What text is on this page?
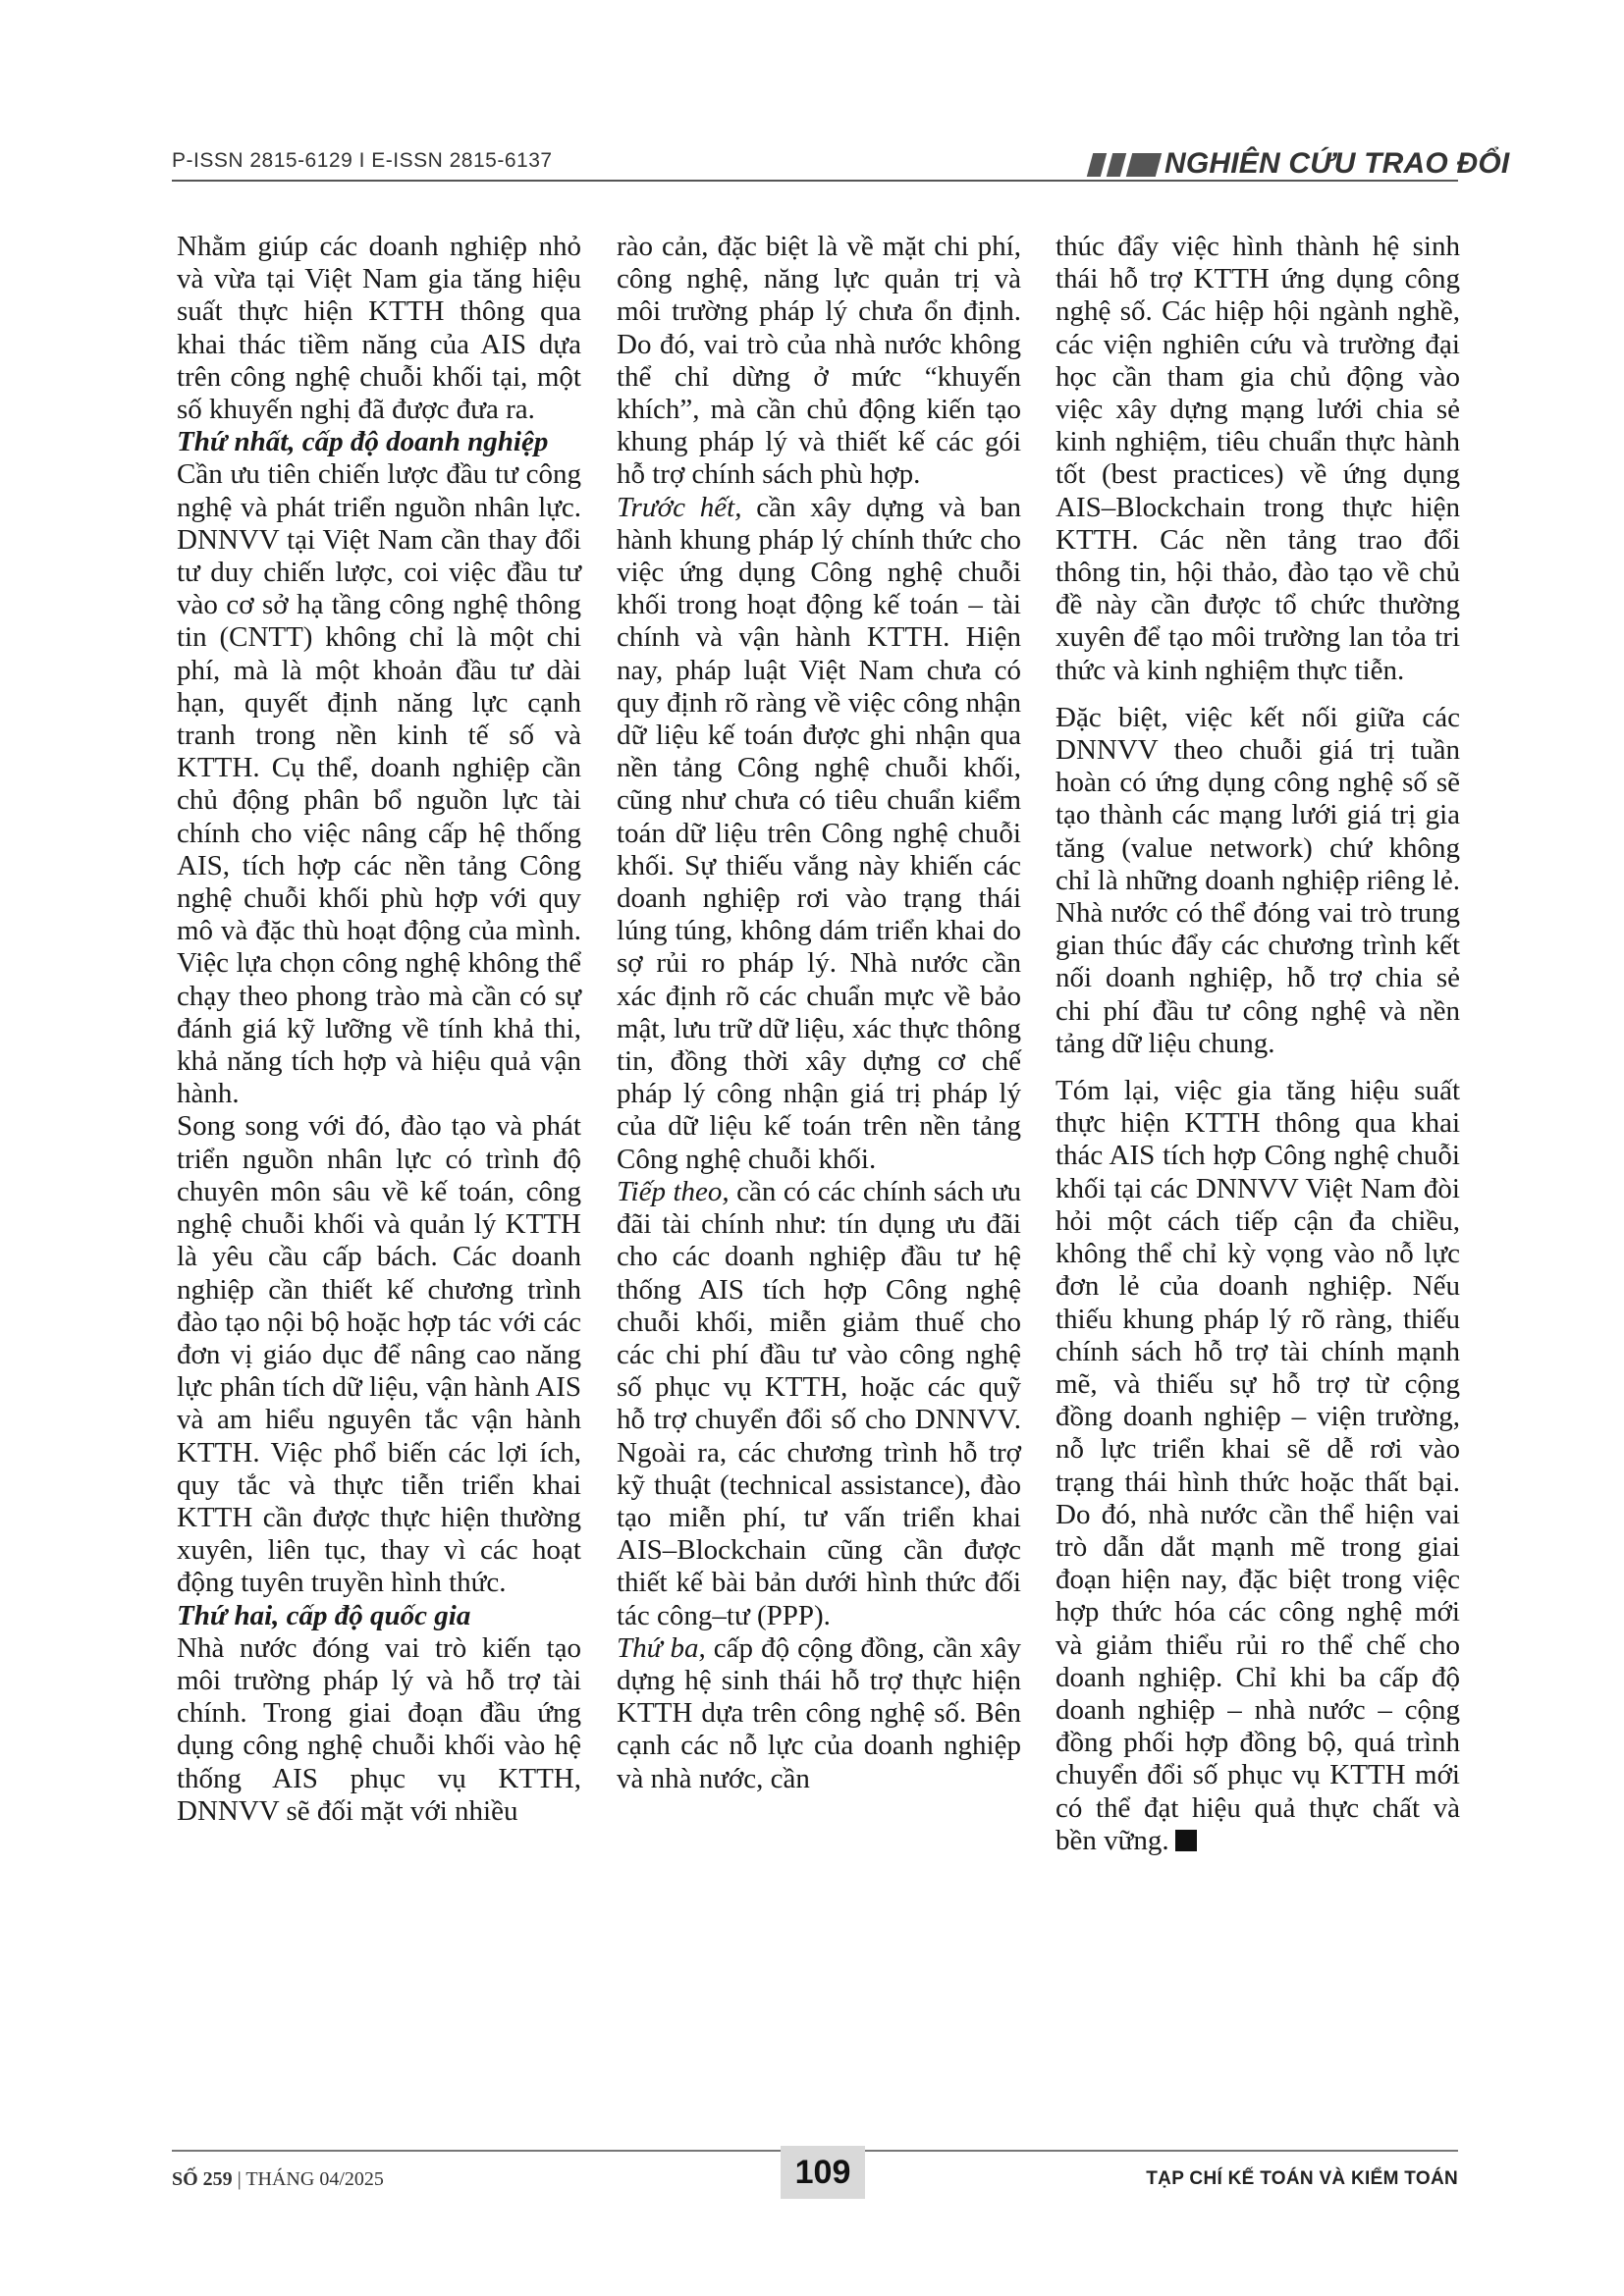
P-ISSN 2815-6129 I E-ISSN 2815-6137	NGHIÊN CỨU TRAO ĐỔI

Nhằm giúp các doanh nghiệp nhỏ và vừa tại Việt Nam gia tăng hiệu suất thực hiện KTTH thông qua khai thác tiềm năng của AIS dựa trên công nghệ chuỗi khối tại, một số khuyến nghị đã được đưa ra.

Thứ nhất, cấp độ doanh nghiệp

Cần ưu tiên chiến lược đầu tư công nghệ và phát triển nguồn nhân lực. DNNVV tại Việt Nam cần thay đổi tư duy chiến lược, coi việc đầu tư vào cơ sở hạ tầng công nghệ thông tin (CNTT) không chỉ là một chi phí, mà là một khoản đầu tư dài hạn, quyết định năng lực cạnh tranh trong nền kinh tế số và KTTH. Cụ thể, doanh nghiệp cần chủ động phân bổ nguồn lực tài chính cho việc nâng cấp hệ thống AIS, tích hợp các nền tảng Công nghệ chuỗi khối phù hợp với quy mô và đặc thù hoạt động của mình. Việc lựa chọn công nghệ không thể chạy theo phong trào mà cần có sự đánh giá kỹ lưỡng về tính khả thi, khả năng tích hợp và hiệu quả vận hành.

Song song với đó, đào tạo và phát triển nguồn nhân lực có trình độ chuyên môn sâu về kế toán, công nghệ chuỗi khối và quản lý KTTH là yêu cầu cấp bách. Các doanh nghiệp cần thiết kế chương trình đào tạo nội bộ hoặc hợp tác với các đơn vị giáo dục để nâng cao năng lực phân tích dữ liệu, vận hành AIS và am hiểu nguyên tắc vận hành KTTH. Việc phổ biến các lợi ích, quy tắc và thực tiễn triển khai KTTH cần được thực hiện thường xuyên, liên tục, thay vì các hoạt động tuyên truyền hình thức.

Thứ hai, cấp độ quốc gia

Nhà nước đóng vai trò kiến tạo môi trường pháp lý và hỗ trợ tài chính. Trong giai đoạn đầu ứng dụng công nghệ chuỗi khối vào hệ thống AIS phục vụ KTTH, DNNVV sẽ đối mặt với nhiều

rào cản, đặc biệt là về mặt chi phí, công nghệ, năng lực quản trị và môi trường pháp lý chưa ổn định. Do đó, vai trò của nhà nước không thể chỉ dừng ở mức “khuyến khích”, mà cần chủ động kiến tạo khung pháp lý và thiết kế các gói hỗ trợ chính sách phù hợp.

Trước hết, cần xây dựng và ban hành khung pháp lý chính thức cho việc ứng dụng Công nghệ chuỗi khối trong hoạt động kế toán – tài chính và vận hành KTTH. Hiện nay, pháp luật Việt Nam chưa có quy định rõ ràng về việc công nhận dữ liệu kế toán được ghi nhận qua nền tảng Công nghệ chuỗi khối, cũng như chưa có tiêu chuẩn kiểm toán dữ liệu trên Công nghệ chuỗi khối. Sự thiếu vắng này khiến các doanh nghiệp rơi vào trạng thái lúng túng, không dám triển khai do sợ rủi ro pháp lý. Nhà nước cần xác định rõ các chuẩn mực về bảo mật, lưu trữ dữ liệu, xác thực thông tin, đồng thời xây dựng cơ chế pháp lý công nhận giá trị pháp lý của dữ liệu kế toán trên nền tảng Công nghệ chuỗi khối.

Tiếp theo, cần có các chính sách ưu đãi tài chính như: tín dụng ưu đãi cho các doanh nghiệp đầu tư hệ thống AIS tích hợp Công nghệ chuỗi khối, miễn giảm thuế cho các chi phí đầu tư vào công nghệ số phục vụ KTTH, hoặc các quỹ hỗ trợ chuyển đổi số cho DNNVV. Ngoài ra, các chương trình hỗ trợ kỹ thuật (technical assistance), đào tạo miễn phí, tư vấn triển khai AIS–Blockchain cũng cần được thiết kế bài bản dưới hình thức đối tác công–tư (PPP).

Thứ ba, cấp độ cộng đồng, cần xây dựng hệ sinh thái hỗ trợ thực hiện KTTH dựa trên công nghệ số. Bên cạnh các nỗ lực của doanh nghiệp và nhà nước, cần

thúc đẩy việc hình thành hệ sinh thái hỗ trợ KTTH ứng dụng công nghệ số. Các hiệp hội ngành nghề, các viện nghiên cứu và trường đại học cần tham gia chủ động vào việc xây dựng mạng lưới chia sẻ kinh nghiệm, tiêu chuẩn thực hành tốt (best practices) về ứng dụng AIS–Blockchain trong thực hiện KTTH. Các nền tảng trao đổi thông tin, hội thảo, đào tạo về chủ đề này cần được tổ chức thường xuyên để tạo môi trường lan tỏa tri thức và kinh nghiệm thực tiễn.

Đặc biệt, việc kết nối giữa các DNNVV theo chuỗi giá trị tuần hoàn có ứng dụng công nghệ số sẽ tạo thành các mạng lưới giá trị gia tăng (value network) chứ không chỉ là những doanh nghiệp riêng lẻ. Nhà nước có thể đóng vai trò trung gian thúc đẩy các chương trình kết nối doanh nghiệp, hỗ trợ chia sẻ chi phí đầu tư công nghệ và nền tảng dữ liệu chung.

Tóm lại, việc gia tăng hiệu suất thực hiện KTTH thông qua khai thác AIS tích hợp Công nghệ chuỗi khối tại các DNNVV Việt Nam đòi hỏi một cách tiếp cận đa chiều, không thể chỉ kỳ vọng vào nỗ lực đơn lẻ của doanh nghiệp. Nếu thiếu khung pháp lý rõ ràng, thiếu chính sách hỗ trợ tài chính mạnh mẽ, và thiếu sự hỗ trợ từ cộng đồng doanh nghiệp – viện trường, nỗ lực triển khai sẽ dễ rơi vào trạng thái hình thức hoặc thất bại. Do đó, nhà nước cần thể hiện vai trò dẫn dắt mạnh mẽ trong giai đoạn hiện nay, đặc biệt trong việc hợp thức hóa các công nghệ mới và giảm thiểu rủi ro thể chế cho doanh nghiệp. Chỉ khi ba cấp độ doanh nghiệp – nhà nước – cộng đồng phối hợp đồng bộ, quá trình chuyển đổi số phục vụ KTTH mới có thể đạt hiệu quả thực chất và bền vững.

SỐ 259 | THÁNG 04/2025	109	TẠP CHÍ KẾ TOÁN VÀ KIỂM TOÁN
